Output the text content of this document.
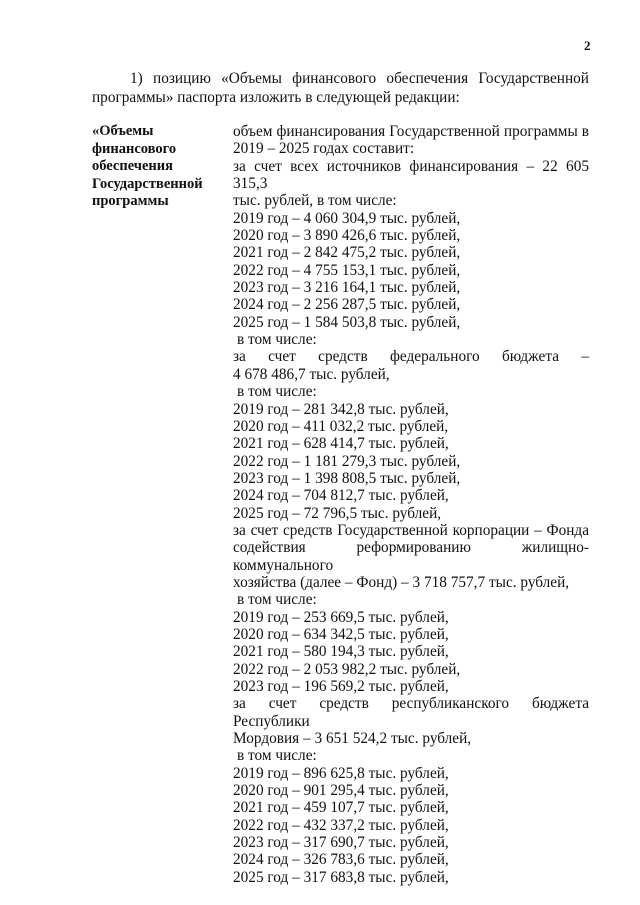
2
1) позицию «Объемы финансового обеспечения Государственной программы» паспорта изложить в следующей редакции:
«Объемы
финансового
обеспечения
Государственной
программы
объем финансирования Государственной программы в
2019 – 2025 годах составит:
за счет всех источников финансирования – 22 605 315,3
тыс. рублей, в том числе:
2019 год – 4 060 304,9 тыс. рублей,
2020 год – 3 890 426,6 тыс. рублей,
2021 год – 2 842 475,2 тыс. рублей,
2022 год – 4 755 153,1 тыс. рублей,
2023 год – 3 216 164,1 тыс. рублей,
2024 год – 2 256 287,5 тыс. рублей,
2025 год – 1 584 503,8 тыс. рублей,
в том числе:
за счет средств федерального бюджета –
4 678 486,7 тыс. рублей,
в том числе:
2019 год – 281 342,8 тыс. рублей,
2020 год – 411 032,2 тыс. рублей,
2021 год – 628 414,7 тыс. рублей,
2022 год – 1 181 279,3 тыс. рублей,
2023 год – 1 398 808,5 тыс. рублей,
2024 год – 704 812,7 тыс. рублей,
2025 год – 72 796,5 тыс. рублей,
за счет средств Государственной корпорации – Фонда
содействия реформированию жилищно-коммунального
хозяйства (далее – Фонд) – 3 718 757,7 тыс. рублей,
в том числе:
2019 год – 253 669,5 тыс. рублей,
2020 год – 634 342,5 тыс. рублей,
2021 год – 580 194,3 тыс. рублей,
2022 год – 2 053 982,2 тыс. рублей,
2023 год – 196 569,2 тыс. рублей,
за счет средств республиканского бюджета Республики
Мордовия – 3 651 524,2 тыс. рублей,
в том числе:
2019 год – 896 625,8 тыс. рублей,
2020 год – 901 295,4 тыс. рублей,
2021 год – 459 107,7 тыс. рублей,
2022 год – 432 337,2 тыс. рублей,
2023 год – 317 690,7 тыс. рублей,
2024 год – 326 783,6 тыс. рублей,
2025 год – 317 683,8 тыс. рублей,
